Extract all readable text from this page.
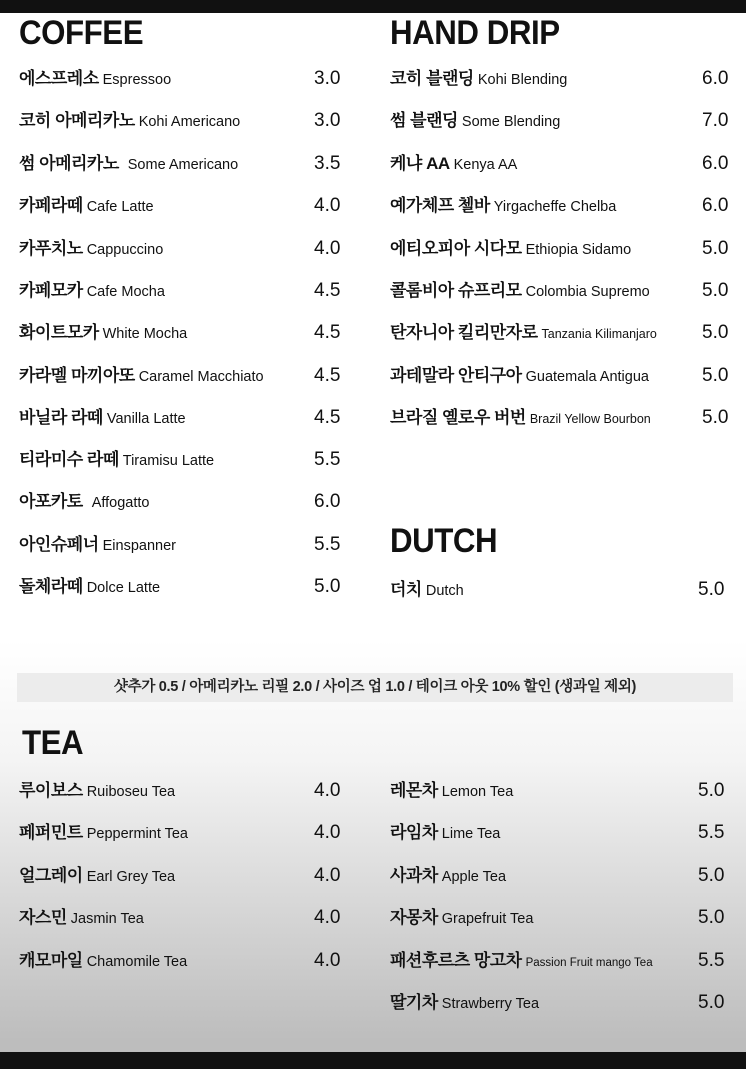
COFFEE
에스프레소 Espressoo	3.0
코히 아메리카노 Kohi Americano	3.0
썸 아메리카노 Some Americano	3.5
카페라떼 Cafe Latte	4.0
카푸치노 Cappuccino	4.0
카페모카 Cafe Mocha	4.5
화이트모카 White Mocha	4.5
카라멜 마끼아또 Caramel Macchiato	4.5
바닐라 라떼 Vanilla Latte	4.5
티라미수 라떼 Tiramisu Latte	5.5
아포카토 Affogatto	6.0
아인슈페너 Einspanner	5.5
돌체라떼 Dolce Latte	5.0
HAND DRIP
코히 블랜딩 Kohi Blending	6.0
썸 블랜딩 Some Blending	7.0
케냐 AA Kenya AA	6.0
예가체프 첼바 Yirgacheffe Chelba	6.0
에티오피아 시다모 Ethiopia Sidamo	5.0
콜롬비아 슈프리모 Colombia Supremo	5.0
탄자니아 킬리만자로 Tanzania Kilimanjaro 5.0
과테말라 안티구아 Guatemala Antigua	5.0
브라질 옐로우 버번 Brazil Yellow Bourbon	5.0
DUTCH
더치 Dutch	5.0
샷추가 0.5 / 아메리카노 리필 2.0 / 사이즈 업 1.0 / 테이크 아웃 10% 할인 (생과일 제외)
TEA
루이보스 Ruiboseu Tea	4.0
페퍼민트 Peppermint Tea	4.0
얼그레이 Earl Grey Tea	4.0
자스민 Jasmin Tea	4.0
캐모마일 Chamomile Tea	4.0
레몬차 Lemon Tea	5.0
라임차 Lime Tea	5.5
사과차 Apple Tea	5.0
자몽차 Grapefruit Tea	5.0
패션후르츠 망고차 Passion Fruit mango Tea 5.5
딸기차 Strawberry Tea	5.0
